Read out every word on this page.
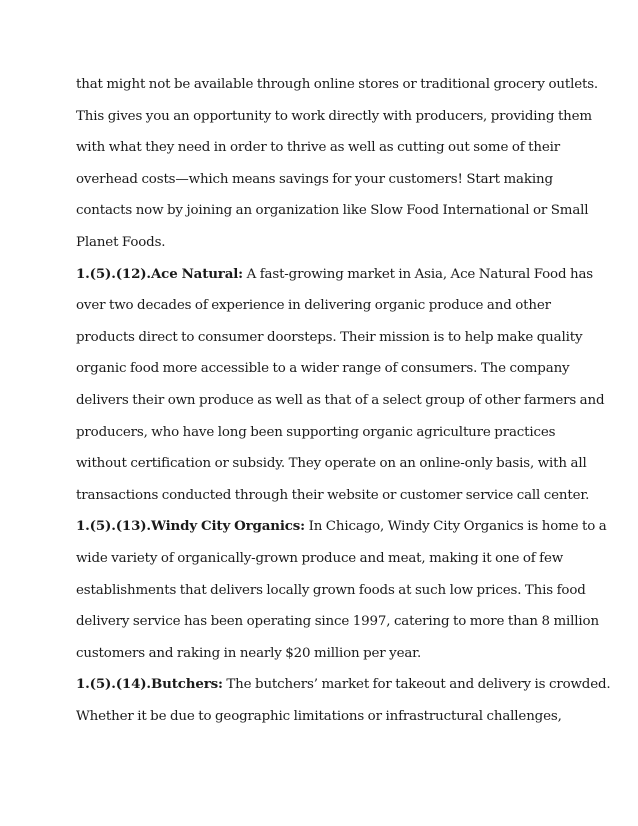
that might not be available through online stores or traditional grocery outlets.
This gives you an opportunity to work directly with producers, providing them
with what they need in order to thrive as well as cutting out some of their
overhead costs—which means savings for your customers! Start making
contacts now by joining an organization like Slow Food International or Small
Planet Foods.
1.(5).(12).Ace Natural: A fast-growing market in Asia, Ace Natural Food has
over two decades of experience in delivering organic produce and other
products direct to consumer doorsteps. Their mission is to help make quality
organic food more accessible to a wider range of consumers. The company
delivers their own produce as well as that of a select group of other farmers and
producers, who have long been supporting organic agriculture practices
without certification or subsidy. They operate on an online-only basis, with all
transactions conducted through their website or customer service call center.
1.(5).(13).Windy City Organics: In Chicago, Windy City Organics is home to a
wide variety of organically-grown produce and meat, making it one of few
establishments that delivers locally grown foods at such low prices. This food
delivery service has been operating since 1997, catering to more than 8 million
customers and raking in nearly $20 million per year.
1.(5).(14).Butchers: The butchers’ market for takeout and delivery is crowded.
Whether it be due to geographic limitations or infrastructural challenges,
